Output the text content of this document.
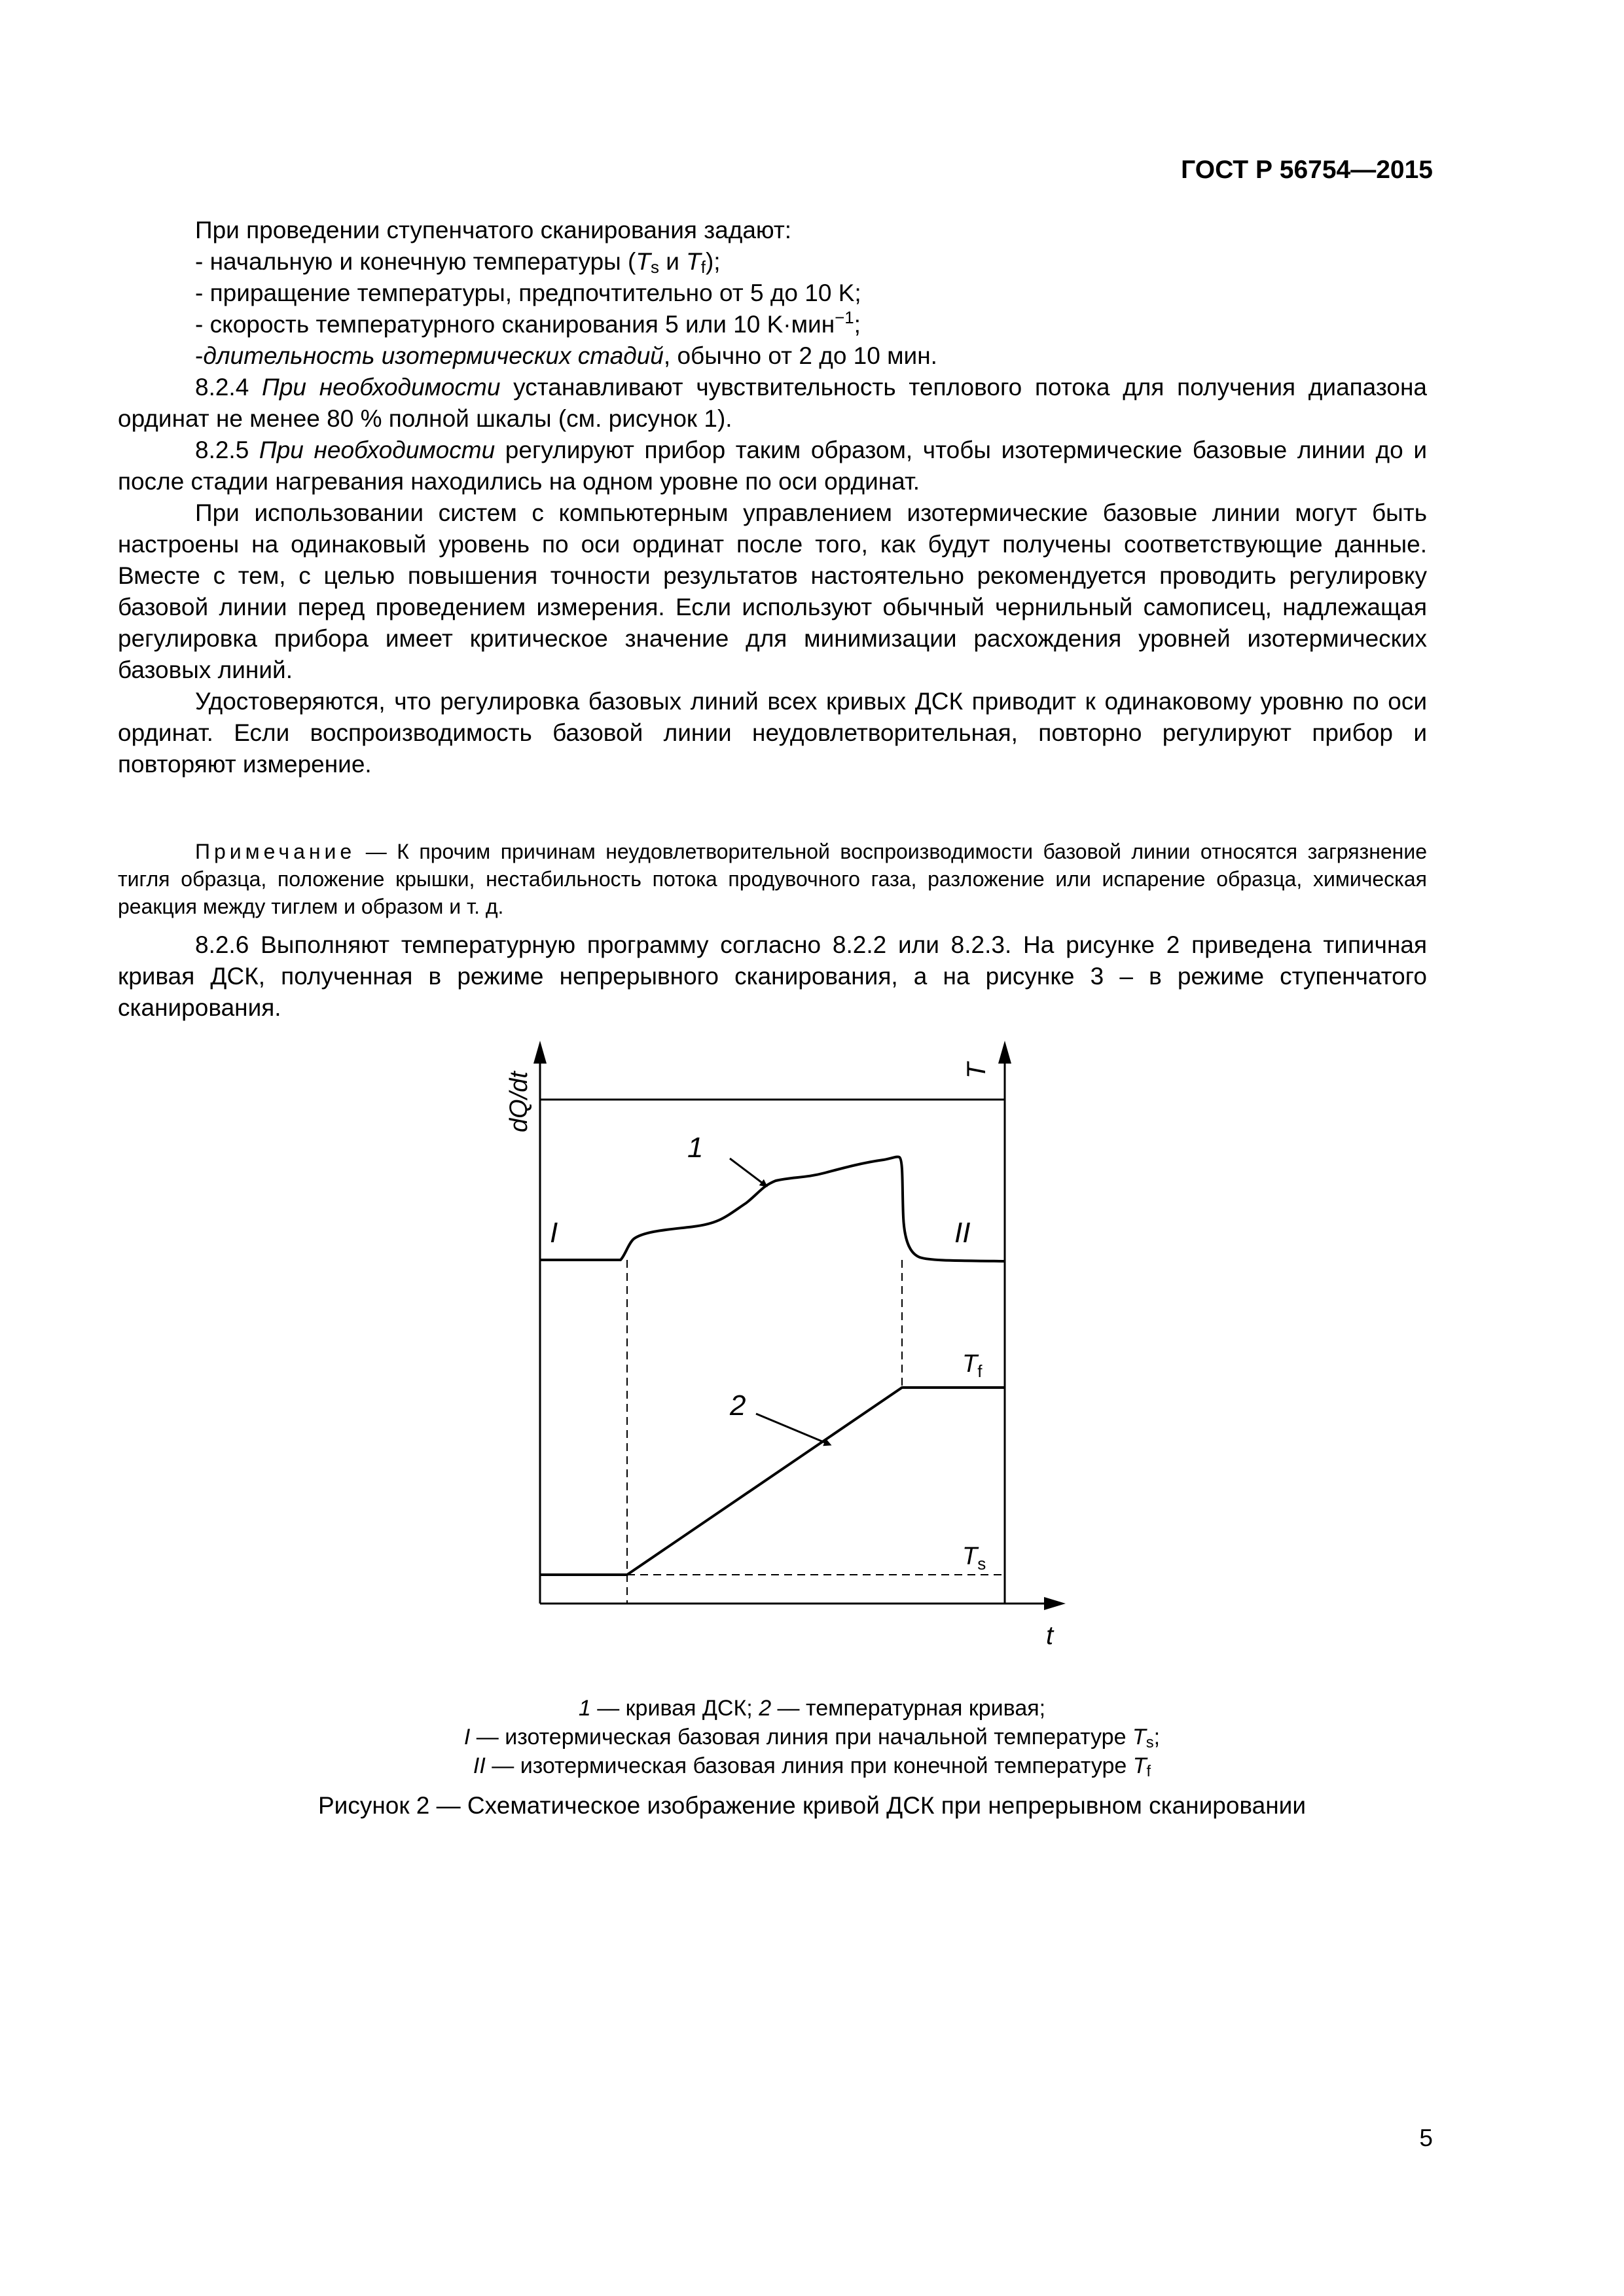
ГОСТ Р 56754—2015

При проведении ступенчатого сканирования задают:

- начальную и конечную температуры ($T_s$ и $T_f$);

- приращение температуры, предпочтительно от 5 до 10 K;

- скорость температурного сканирования 5 или 10 K·мин$^{-1}$;

-длительность изотермических стадий, обычно от 2 до 10 мин.

8.2.4 При необходимости устанавливают чувствительность теплового потока для получения диапазона ординат не менее 80 % полной шкалы (см. рисунок 1).

8.2.5 При необходимости регулируют прибор таким образом, чтобы изотермические базовые линии до и после стадии нагревания находились на одном уровне по оси ординат.

При использовании систем с компьютерным управлением изотермические базовые линии могут быть настроены на одинаковый уровень по оси ординат после того, как будут получены соответствующие данные. Вместе с тем, с целью повышения точности результатов настоятельно рекомендуется проводить регулировку базовой линии перед проведением измерения. Если используют обычный чернильный самописец, надлежащая регулировка прибора имеет критическое значение для минимизации расхождения уровней изотермических базовых линий.

Удостоверяются, что регулировка базовых линий всех кривых ДСК приводит к одинаковому уровню по оси ординат. Если воспроизводимость базовой линии неудовлетворительная, повторно регулируют прибор и повторяют измерение.

Примечание — К прочим причинам неудовлетворительной воспроизводимости базовой линии относятся загрязнение тигля образца, положение крышки, нестабильность потока продувочного газа, разложение или испарение образца, химическая реакция между тиглем и образом и т. д.

8.2.6 Выполняют температурную программу согласно 8.2.2 или 8.2.3. На рисунке 2 приведена типичная кривая ДСК, полученная в режиме непрерывного сканирования, а на рисунке 3 – в режиме ступенчатого сканирования.

dQ/dt
T
t
1
2
I	II
$T_f$
$T_s$
1 — кривая ДСК; 2 — температурная кривая;
I — изотермическая базовая линия при начальной температуре $T_s$;
II — изотермическая базовая линия при конечной температуре $T_f$
Рисунок 2 — Схематическое изображение кривой ДСК при непрерывном сканировании
5
